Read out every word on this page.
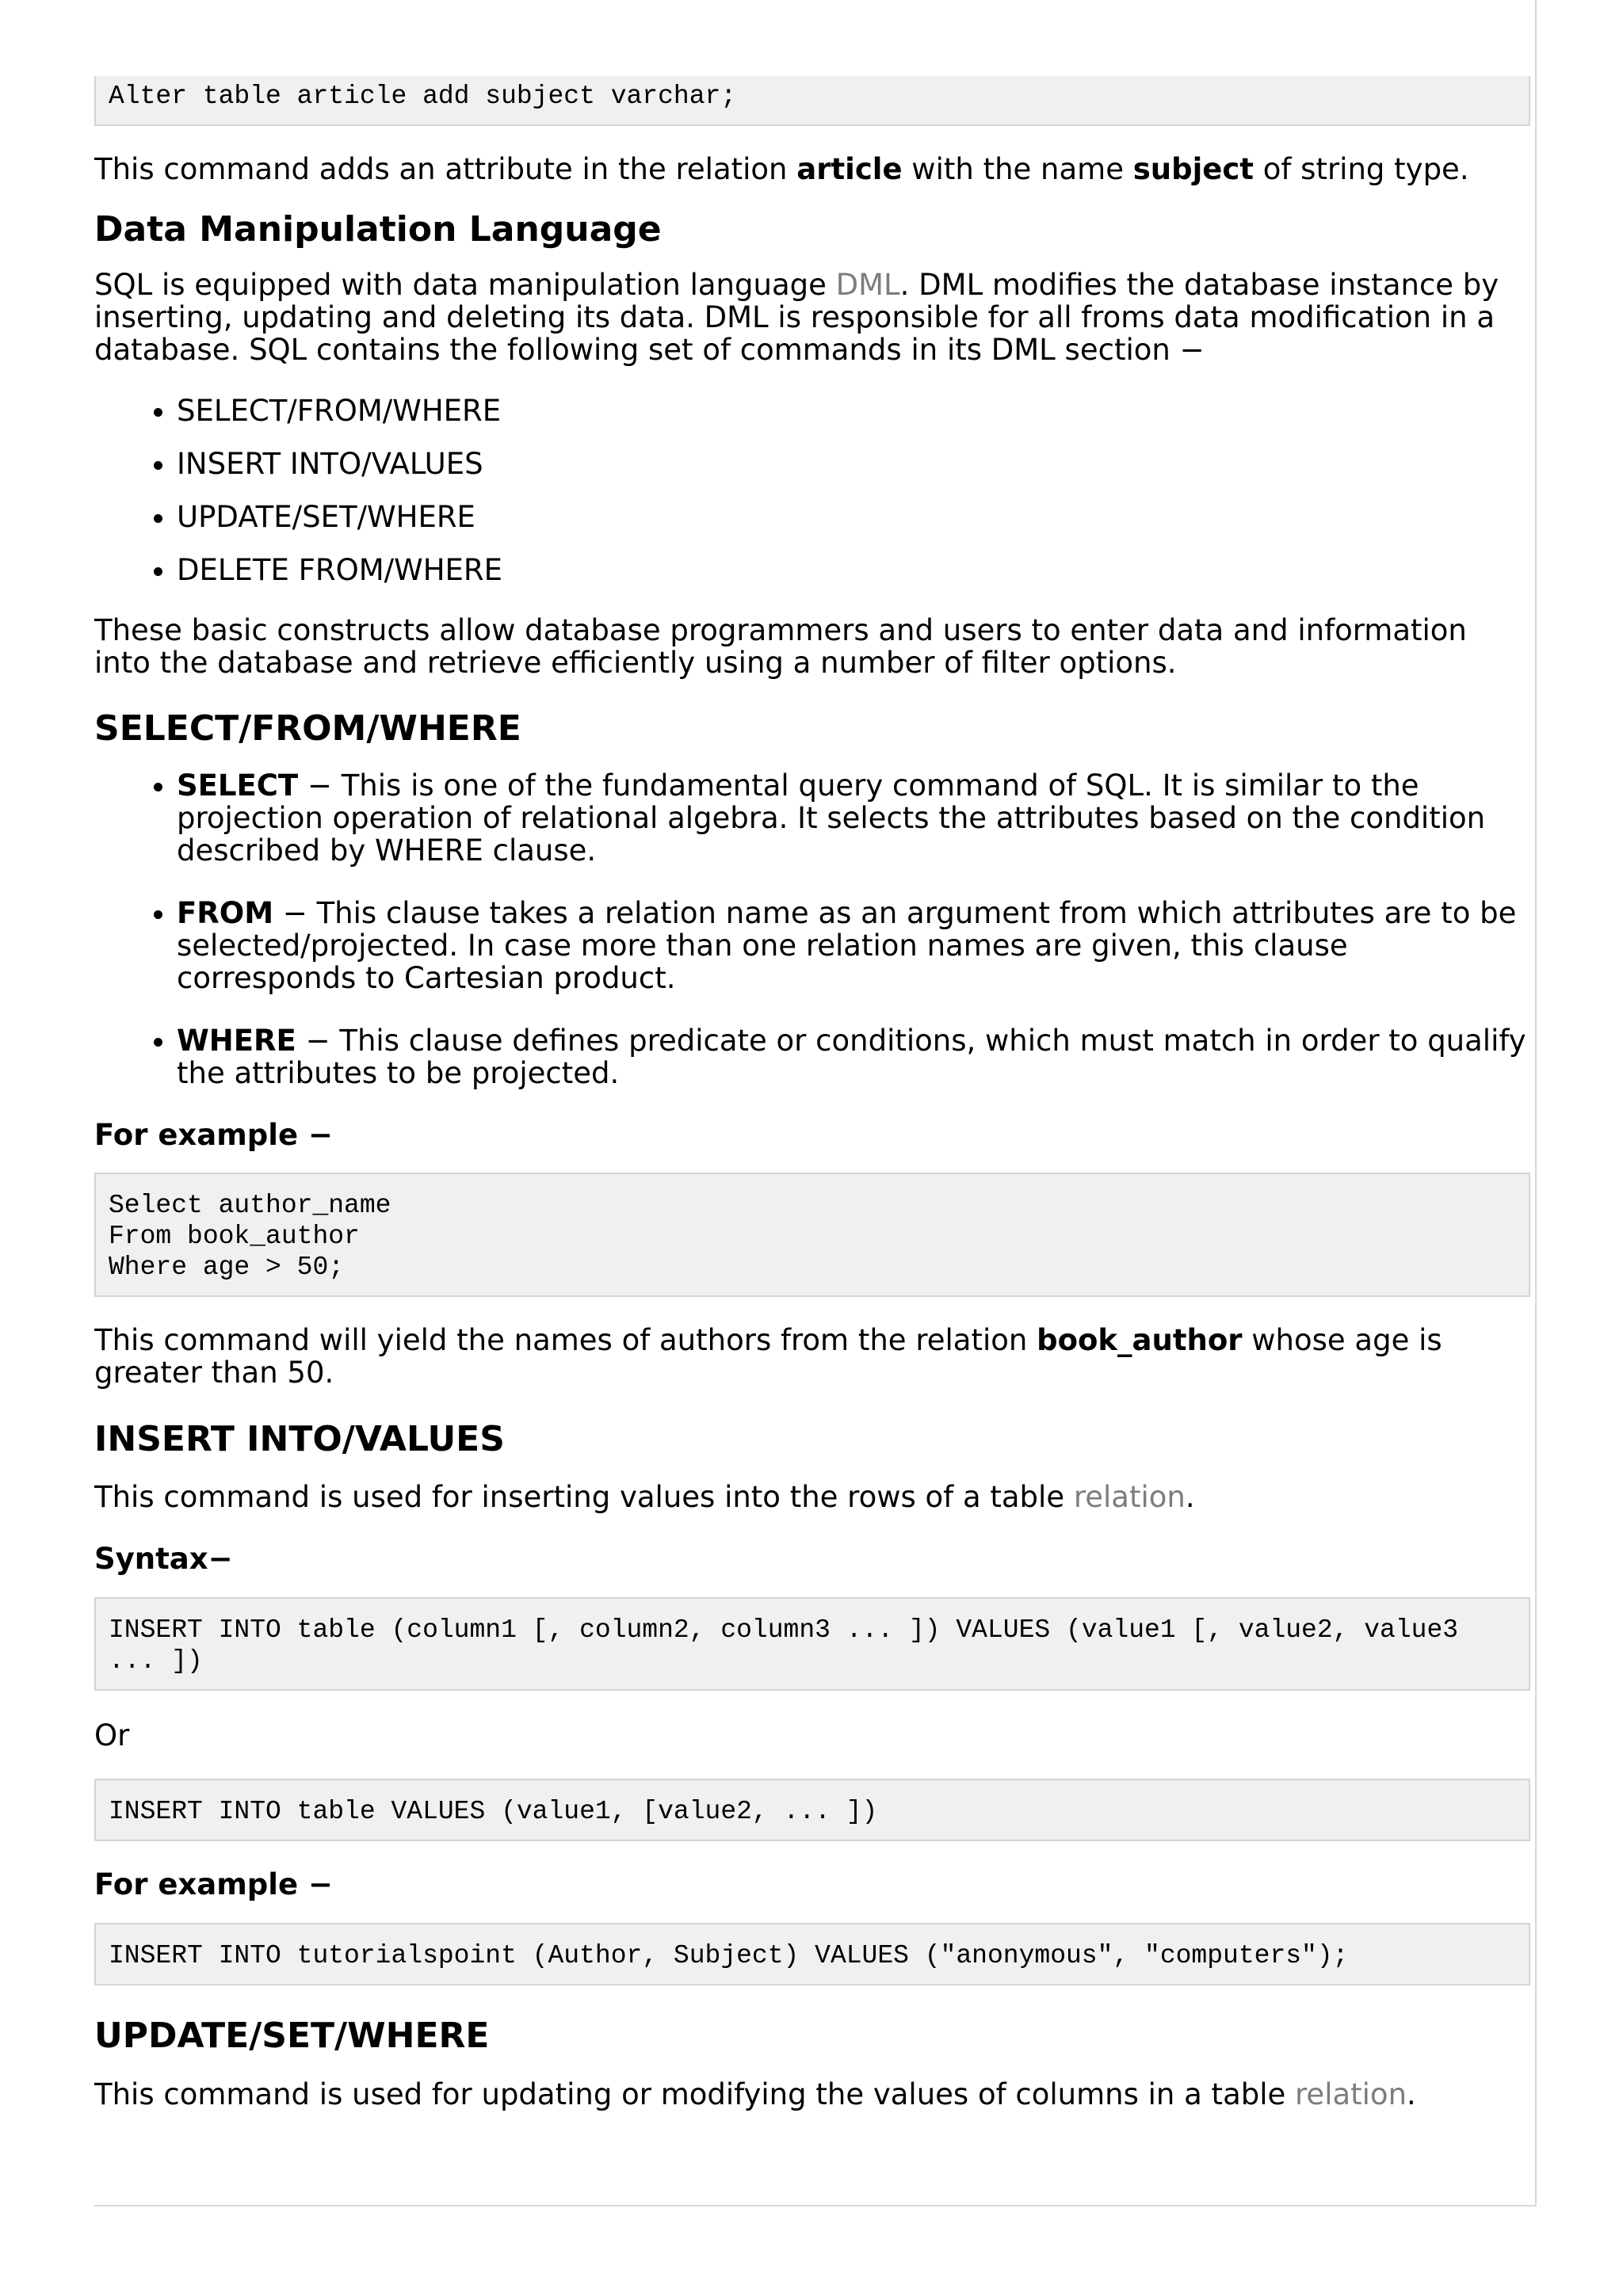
Alter table article add subject varchar;

This command adds an attribute in the relation article with the name subject of string type.

Data Manipulation Language

SQL is equipped with data manipulation language DML. DML modifies the database instance by inserting, updating and deleting its data. DML is responsible for all froms data modification in a database. SQL contains the following set of commands in its DML section −

• SELECT/FROM/WHERE
• INSERT INTO/VALUES
• UPDATE/SET/WHERE
• DELETE FROM/WHERE

These basic constructs allow database programmers and users to enter data and information into the database and retrieve efficiently using a number of filter options.

SELECT/FROM/WHERE
• SELECT − This is one of the fundamental query command of SQL. It is similar to the projection operation of relational algebra. It selects the attributes based on the condition described by WHERE clause.
• FROM − This clause takes a relation name as an argument from which attributes are to be selected/projected. In case more than one relation names are given, this clause corresponds to Cartesian product.
• WHERE − This clause defines predicate or conditions, which must match in order to qualify the attributes to be projected.

For example −

Select author_name
From book_author
Where age > 50;

This command will yield the names of authors from the relation book_author whose age is greater than 50.

INSERT INTO/VALUES

This command is used for inserting values into the rows of a table relation.

Syntax−

INSERT INTO table (column1 [, column2, column3 ... ]) VALUES (value1 [, value2, value3 ... ])

Or

INSERT INTO table VALUES (value1, [value2, ... ])

For example −

INSERT INTO tutorialspoint (Author, Subject) VALUES ("anonymous", "computers");
UPDATE/SET/WHERE

This command is used for updating or modifying the values of columns in a table relation.
